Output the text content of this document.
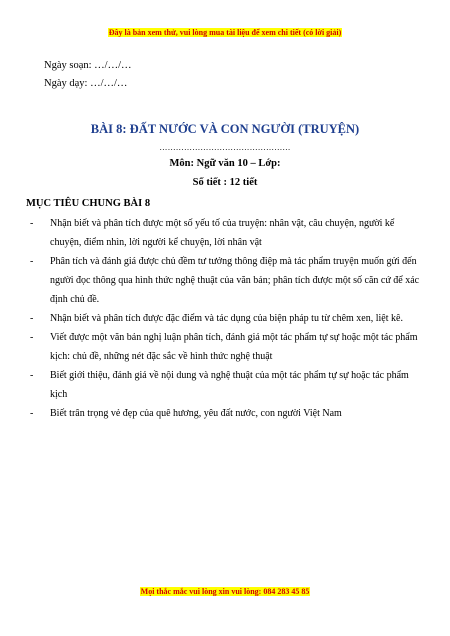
Đây là bản xem thử, vui lòng mua tài liệu để xem chi tiết (có lời giải)
Ngày soạn: …/…/…
Ngày dạy: …/…/…
BÀI 8: ĐẤT NƯỚC VÀ CON NGƯỜI (TRUYỆN)
…………………………………………
Môn: Ngữ văn 10 – Lớp:
Số tiết : 12 tiết
MỤC TIÊU CHUNG BÀI 8
- Nhận biết và phân tích được một số yếu tố của truyện: nhân vật, câu chuyện, người kể chuyện, điểm nhìn, lời người kể chuyện, lời nhân vật
- Phân tích và đánh giá được chủ đềm tư tưởng thông điệp mà tác phẩm truyện muốn gửi đến người đọc thông qua hình thức nghệ thuật của văn bản; phân tích được một số căn cứ để xác định chủ đề.
- Nhận biết và phân tích được đặc điểm và tác dụng của biện pháp tu từ chêm xen, liệt kê.
- Viết được một văn bản nghị luận phân tích, đánh giá một tác phẩm tự sự hoặc một tác phẩm kịch: chủ đề, những nét đặc sắc về hình thức nghệ thuật
- Biết giới thiệu, đánh giá về nội dung và nghệ thuật của một tác phẩm tự sự hoặc tác phẩm kịch
- Biết trân trọng vẻ đẹp của quê hương, yêu đất nước, con người Việt Nam
Mọi thắc mắc vui lòng xin vui lòng: 084 283 45 85
